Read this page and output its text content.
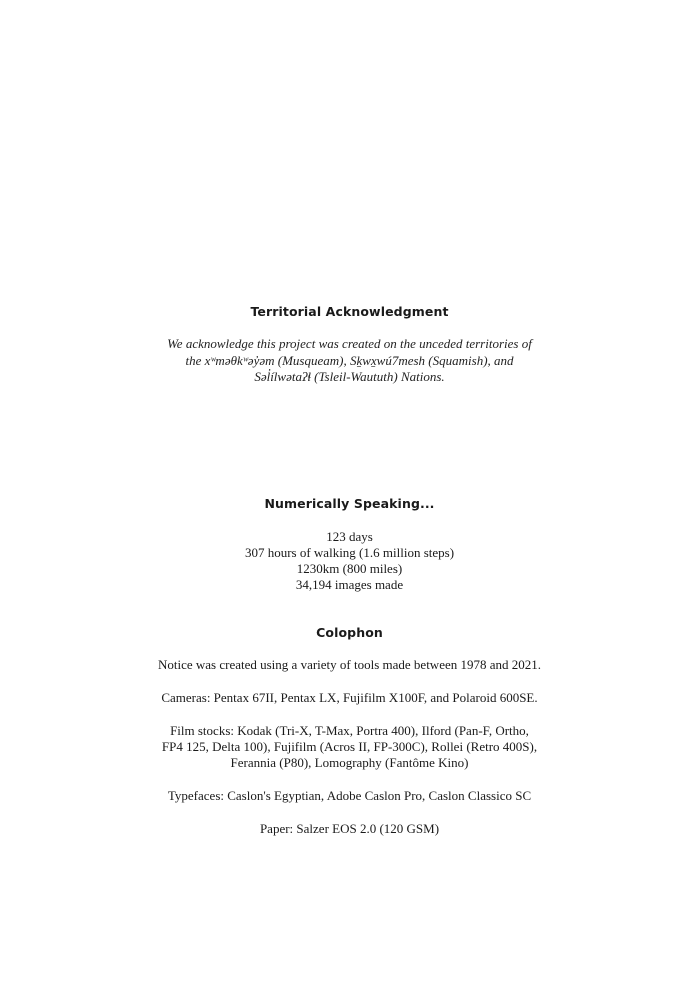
Territorial Acknowledgment

We acknowledge this project was created on the unceded territories of

the xʷməθkʷəy̓əm (Musqueam), Sḵwx̱wú7mesh (Squamish), and

Səl̓ílwətaʔɬ (Tsleil-Waututh) Nations.

Numerically Speaking...

123 days

307 hours of walking (1.6 million steps)

1230km (800 miles)

34,194 images made

Colophon

Notice was created using a variety of tools made between 1978 and 2021.

Cameras: Pentax 67II, Pentax LX, Fujifilm X100F, and Polaroid 600SE.

Film stocks: Kodak (Tri-X, T-Max, Portra 400), Ilford (Pan-F, Ortho,
FP4 125, Delta 100), Fujifilm (Acros II, FP-300C), Rollei (Retro 400S),
Ferannia (P80), Lomography (Fantôme Kino)

Typefaces: Caslon's Egyptian, Adobe Caslon Pro, Caslon Classico SC

Paper: Salzer EOS 2.0 (120 GSM)
